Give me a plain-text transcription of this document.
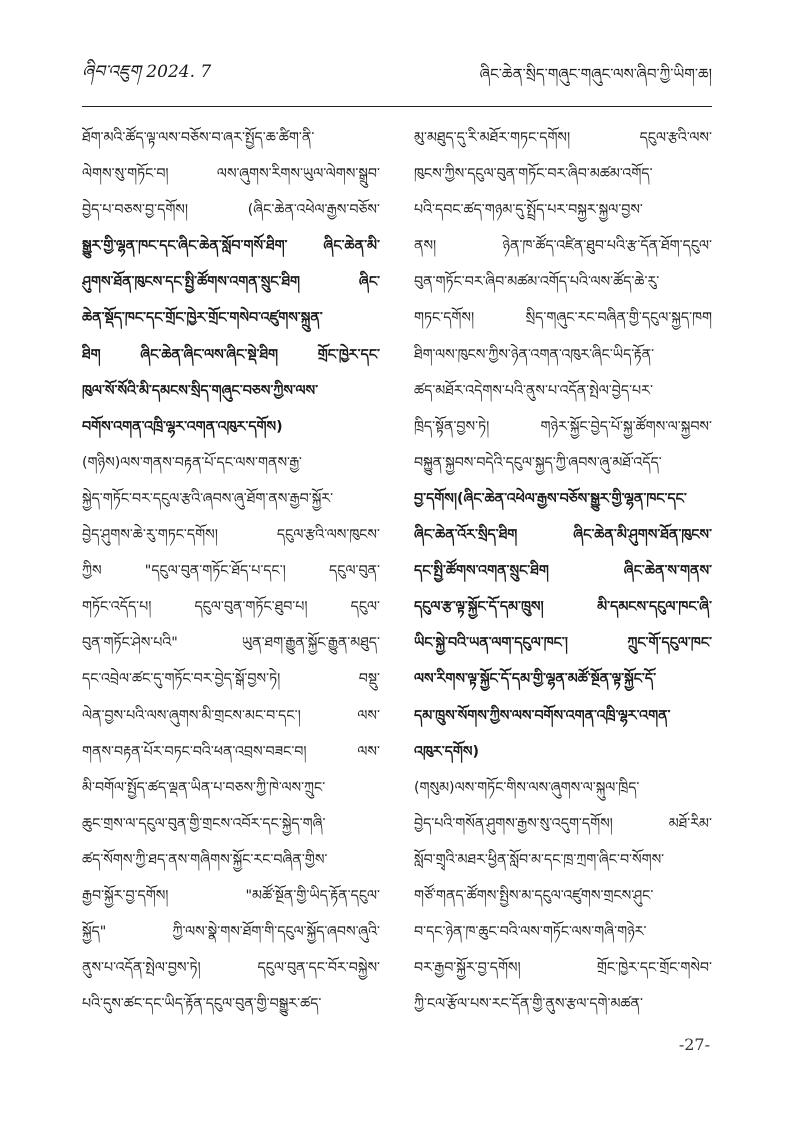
ཞིབ་འཇུག 2024. 7	ཞིང་ཆེན་སྲིད་གཞུང་གཞུང་ལས་ཞིབ་ཀྱི་ཡིག་ཆ།
ཐོག་མའི་ཚོད་ལྟ་ལས་བཅོས་བ་ཞར་སྤྱོད་ཆ་ཚིག་ནི་
ལེགས་སུ་གཏོང་བ། ལས་ཞུགས་རིགས་ཡུལ་ལེགས་སྒྲུབ་
བྱེད་པ་བཅས་བྱ་དགོས། (ཞིང་ཆེན་འཕེལ་རྒྱས་བཅོས་
སྒྱུར་གྱི་ལྷན་ཁང་དང་ཞིང་ཆེན་སློབ་གསོ་ཐིག་ ཞིང་ཆེན་མི་
ཤུགས་ཐོན་ཁུངས་དང་སྤྱི་ཚོགས་འགན་སྲུང་ཐིག ཞིང་
ཆེན་སྡོད་ཁང་དང་གྲོང་ཁྱེར་གྲོང་གསེབ་འཛུགས་སྐྲུན་
ཐིག ཞིང་ཆེན་ཞིང་ལས་ཞིང་སྡེ་ཐིག གྲོང་ཁྱེར་དང་
ཁུལ་སོ་སོའི་མི་དམངས་སྲིད་གཞུང་བཅས་ཀྱིས་ལས་
བགོས་འགན་འཁྲི་ལྷར་འགན་འཁུར་དགོས)
(གཉིས)ལས་གནས་བརྟན་པོ་དང་ལས་གནས་རྒྱ་
སྐྱེད་གཏོང་བར་དངུལ་རྩའི་ཞབས་ཞུ་ཐོག་ནས་རྒྱབ་སྐྱོར་
བྱེད་ཤུགས་ཆེ་རུ་གཏང་དགོས། དངུལ་རྩའི་ལས་ཁུངས་
ཀྱིས "དངུལ་བུན་གཏོང་ཐོད་པ་དང་། དངུལ་བུན་
གཏོང་འདོད་པ། དངུལ་བུན་གཏོང་ཐུབ་པ། དངུལ་
བུན་གཏོང་ཤེས་པའི" ཡུན་ཐག་རྒྱུན་སྐྱོང་རྒྱུན་མཐུད་
དང་འབྲེལ་ཚང་དུ་གཏོང་བར་བྱེད་སྒོ་བྱས་ཏེ། བསྡུ་
ལེན་བྱས་པའི་ལས་ཞུགས་མི་གྲངས་མང་བ་དང་། ལས་
གནས་བརྟན་པོར་བཏང་བའི་ཕན་འབྲས་བཟང་བ། ལས་
མི་བགོལ་སྤྱོད་ཚད་ལྡན་ཡིན་པ་བཅས་ཀྱི་ཁེ་ལས་ཀྲུང་
ཆུང་གྲས་ལ་དངུལ་བུན་གྱི་གྲངས་འབོར་དང་སྐྱེད་གཞི་
ཚད་སོགས་ཀྱི་ཐད་ནས་གཞིགས་སྐྱོང་རང་བཞིན་གྱིས་
རྒྱབ་སྐྱོར་བྱ་དགོས། "མཚོ་སྔོན་གྱི་ཡིད་རྟོན་དངུལ་
སྐྱོད" ཀྱི་ལས་སྣེ་གས་ཐོག་གི་དངུལ་སྐྱོད་ཞབས་ཞུའི་
ནུས་པ་འདོན་སྤེལ་བྱས་ཏེ། དངུལ་བུན་དང་བོར་བསྐྱེས་
པའི་དུས་ཚང་དང་ཡིད་རྟོན་དངུལ་བུན་གྱི་བསྒྱུར་ཚད་
མུ་མཐུད་དུ་རི་མཐོར་གཏང་དགོས། དངུལ་རྩའི་ལས་
ཁུངས་ཀྱིས་དངུལ་བུན་གཏོང་བར་ཞིབ་མཚམ་འགོད་
པའི་དབང་ཚད་གཉམ་དུ་སྤྲོད་པར་བསྐྱར་སྐྱལ་བྱས་
ནས། ཉེན་ཁ་ཚོད་འཛིན་ཐུབ་པའི་རྩ་དོན་ཐོག་དངུལ་
བུན་གཏོང་བར་ཞིབ་མཚམ་འགོད་པའི་ལས་ཚོད་ཆེ་རུ་
གཏང་དགོས། སྲིད་གཞུང་རང་བཞིན་གྱི་དངུལ་སྐྱད་ཁག
ཐིག་ལས་ཁུངས་ཀྱིས་ཉེན་འགན་འཁུར་ཞིང་ཡིད་རྟོན་
ཚད་མཐོར་འདེགས་པའི་ནུས་པ་འདོན་སྤེལ་བྱེད་པར་
ཁྲིད་སྟོན་བྱས་ཏེ། གཉེར་སྐྱོང་བྱེད་པོ་སྐྱ་ཚོགས་ལ་སྐྱབས་
བསྐྱུན་སྐྱབས་བདེའི་དངུལ་སྐྱད་ཀྱི་ཞབས་ཞུ་མཐོ་འདོད་
བྱ་དགོས།(ཞིང་ཆེན་འཕེལ་རྒྱས་བཅོས་སྒྱུར་གྱི་ལྷན་ཁང་དང་
ཞིང་ཆེན་འོར་སྲིད་ཐིག ཞིང་ཆེན་མི་ཤུགས་ཐོན་ཁུངས་
དང་སྤྱི་ཚོགས་འགན་སྲུང་ཐིག ཞིང་ཆེན་ས་གནས་
དངུལ་རྩ་ལྟ་སྐྱོང་དོ་དམ་ཁྲུས། མི་དམངས་དངུལ་ཁང་ཞི་
ཡིང་སྐྱེ་བའི་ཡན་ལག་དངུལ་ཁང་། ཀྲུང་གོ་དངུལ་ཁང་
ལས་རིགས་ལྟ་སྐྱོང་དོ་དམ་གྱི་ལྷན་མཚོ་སྔོན་ལྟ་སྐྱོང་དོ་
དམ་ཁྲུས་སོགས་ཀྱིས་ལས་བགོས་འགན་འཁྲི་ལྷར་འགན་
འཁུར་དགོས)
(གསུམ)ལས་གཏོང་གིས་ལས་ཞུགས་ལ་སྐུལ་ཁྲིད་
བྱེད་པའི་གསོན་ཤུགས་རྒྱས་སུ་འདུག་དགོས། མཐོ་རིམ་
སློབ་གྲྭའི་མཐར་ཕྱིན་སློབ་མ་དང་ཁྲ་ཀྲག་ཞིང་བ་སོགས་
གཙོ་གནད་ཚོགས་སྤྱིས་མ་དངུལ་འཛུགས་གྲངས་ཤུང་
བ་དང་ཉེན་ཁ་ཆུང་བའི་ལས་གཏོང་ལས་གཞི་གཉེར་
བར་རྒྱབ་སྐྱོར་བྱ་དགོས། གྲོང་ཁྱེར་དང་གྲོང་གསེབ་
ཀྱི་ངལ་རྩོལ་པས་རང་དོན་གྱི་ནུས་རྩལ་དགེ་མཚན་
-27-
